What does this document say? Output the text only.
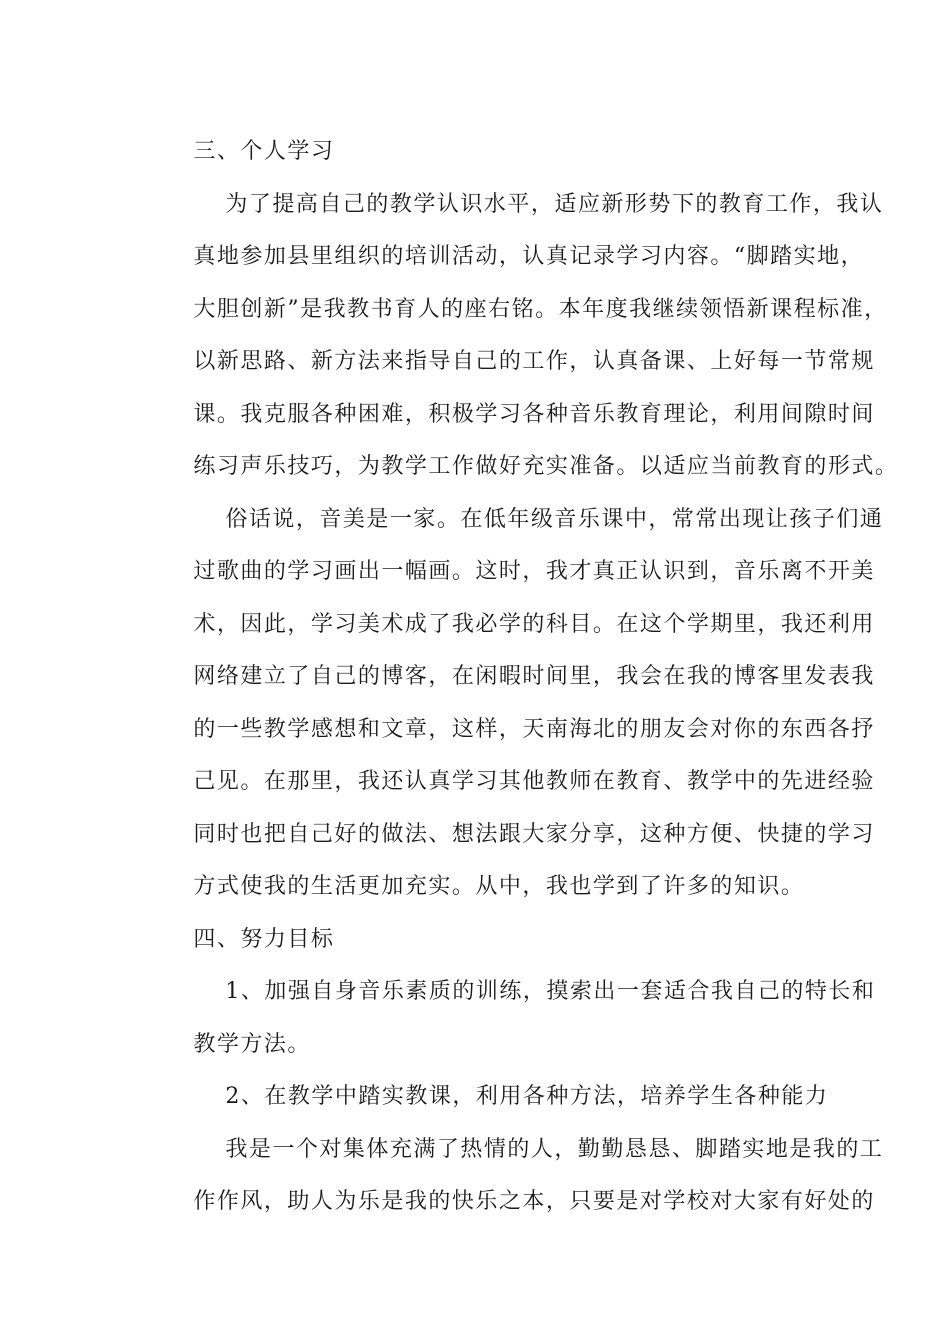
三、个人学习

为了提高自己的教学认识水平，适应新形势下的教育工作，我认
真地参加县里组织的培训活动，认真记录学习内容。“脚踏实地，
大胆创新”是我教书育人的座右铭。本年度我继续领悟新课程标准，
以新思路、新方法来指导自己的工作，认真备课、上好每一节常规
课。我克服各种困难，积极学习各种音乐教育理论，利用间隙时间
练习声乐技巧，为教学工作做好充实准备。以适应当前教育的形式。
俗话说，音美是一家。在低年级音乐课中，常常出现让孩子们通
过歌曲的学习画出一幅画。这时，我才真正认识到，音乐离不开美
术，因此，学习美术成了我必学的科目。在这个学期里，我还利用
网络建立了自己的博客，在闲暇时间里，我会在我的博客里发表我
的一些教学感想和文章，这样，天南海北的朋友会对你的东西各抒
己见。在那里，我还认真学习其他教师在教育、教学中的先进经验
同时也把自己好的做法、想法跟大家分享，这种方便、快捷的学习
方式使我的生活更加充实。从中，我也学到了许多的知识。

四、努力目标

1、加强自身音乐素质的训练，摸索出一套适合我自己的特长和
教学方法。
2、在教学中踏实教课，利用各种方法，培养学生各种能力
我是一个对集体充满了热情的人，勤勤恳恳、脚踏实地是我的工
作作风，助人为乐是我的快乐之本，只要是对学校对大家有好处的
